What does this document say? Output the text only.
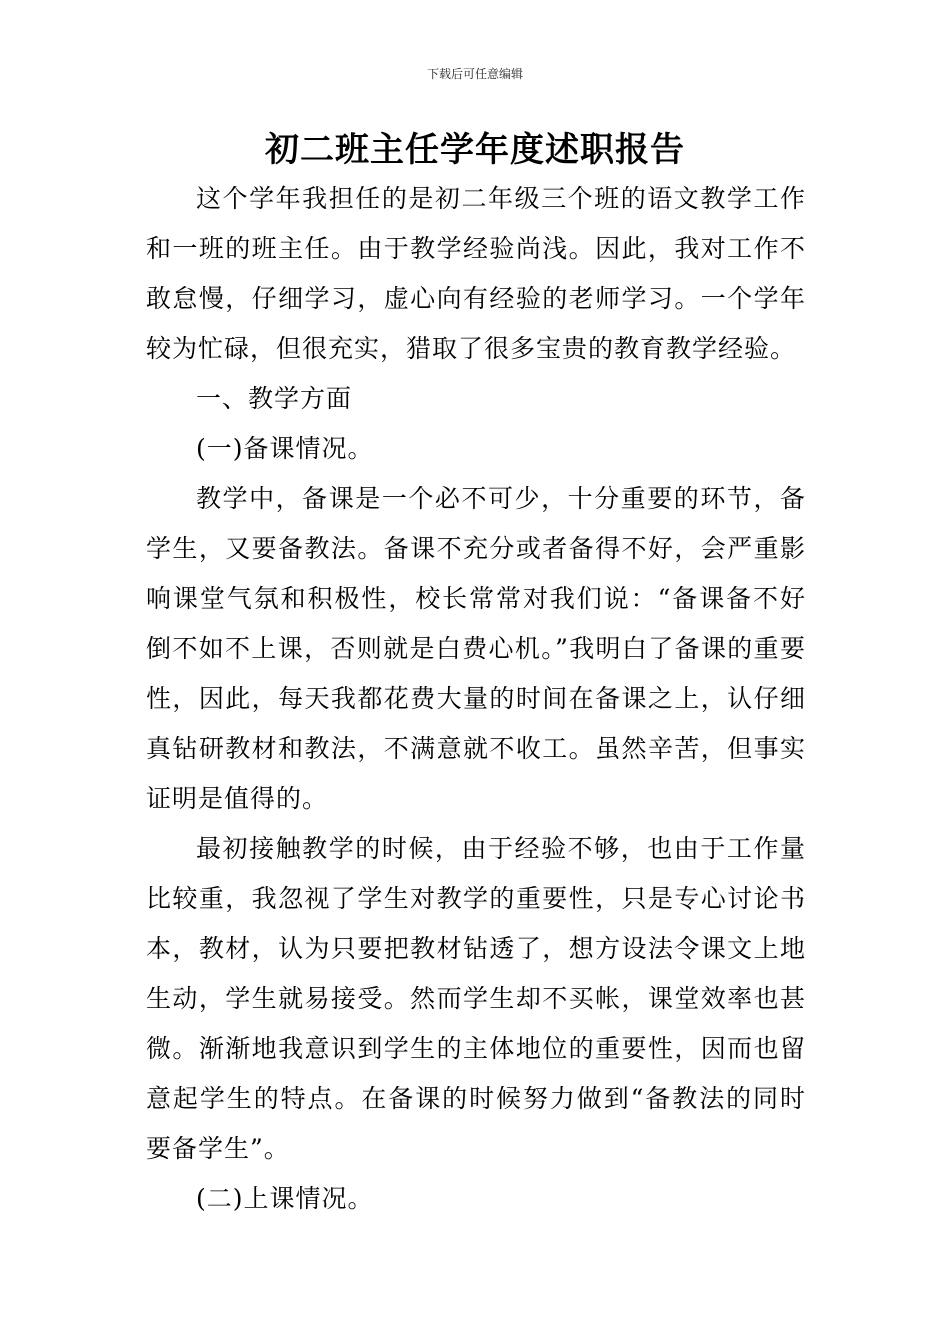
下载后可任意编辑
初二班主任学年度述职报告

这个学年我担任的是初二年级三个班的语文教学工作和一班的班主任。由于教学经验尚浅。因此，我对工作不敢怠慢，仔细学习，虚心向有经验的老师学习。一个学年较为忙碌，但很充实，猎取了很多宝贵的教育教学经验。

一、教学方面

(一)备课情况。

教学中，备课是一个必不可少，十分重要的环节，备学生，又要备教法。备课不充分或者备得不好，会严重影响课堂气氛和积极性，校长常常对我们说：“备课备不好倒不如不上课，否则就是白费心机。”我明白了备课的重要性，因此，每天我都花费大量的时间在备课之上，认仔细真钻研教材和教法，不满意就不收工。虽然辛苦，但事实证明是值得的。

最初接触教学的时候，由于经验不够，也由于工作量比较重，我忽视了学生对教学的重要性，只是专心讨论书本，教材，认为只要把教材钻透了，想方设法令课文上地生动，学生就易接受。然而学生却不买帐，课堂效率也甚微。渐渐地我意识到学生的主体地位的重要性，因而也留意起学生的特点。在备课的时候努力做到“备教法的同时要备学生”。

(二)上课情况。
